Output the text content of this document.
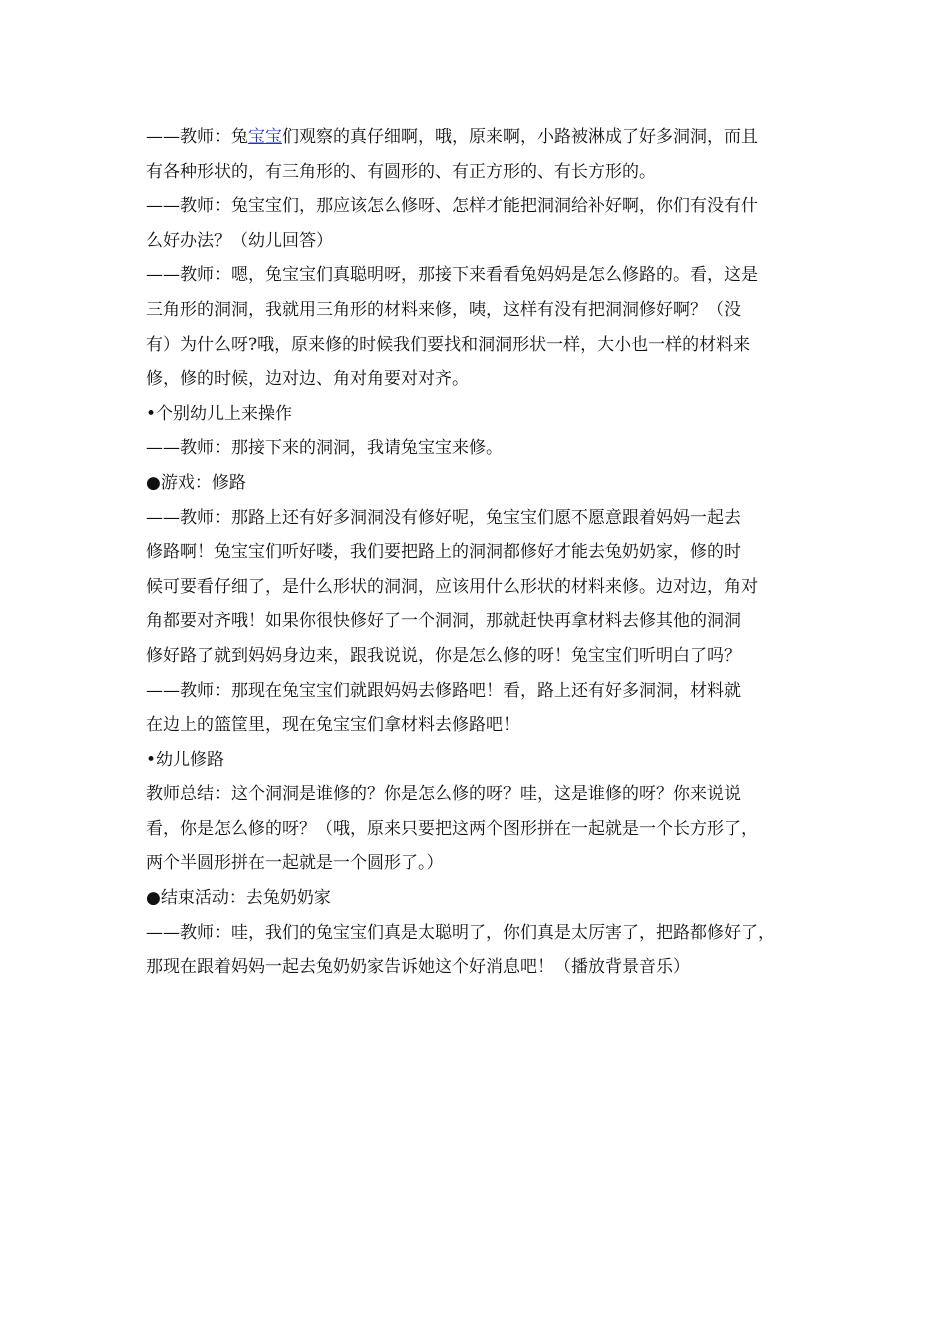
——教师：兔宝宝们观察的真仔细啊，哦，原来啊，小路被淋成了好多洞洞，而且
有各种形状的，有三角形的、有圆形的、有正方形的、有长方形的。
——教师：兔宝宝们，那应该怎么修呀、怎样才能把洞洞给补好啊，你们有没有什
么好办法？（幼儿回答）
——教师：嗯，兔宝宝们真聪明呀，那接下来看看兔妈妈是怎么修路的。看，这是
三角形的洞洞，我就用三角形的材料来修，咦，这样有没有把洞洞修好啊？（没
有）为什么呀?哦，原来修的时候我们要找和洞洞形状一样，大小也一样的材料来
修，修的时候，边对边、角对角要对对齐。
•个别幼儿上来操作
——教师：那接下来的洞洞，我请兔宝宝来修。
●游戏：修路
——教师：那路上还有好多洞洞没有修好呢，兔宝宝们愿不愿意跟着妈妈一起去
修路啊！兔宝宝们听好喽，我们要把路上的洞洞都修好才能去兔奶奶家，修的时
候可要看仔细了，是什么形状的洞洞，应该用什么形状的材料来修。边对边，角对
角都要对齐哦！如果你很快修好了一个洞洞，那就赶快再拿材料去修其他的洞洞
修好路了就到妈妈身边来，跟我说说，你是怎么修的呀！兔宝宝们听明白了吗？
——教师：那现在兔宝宝们就跟妈妈去修路吧！看，路上还有好多洞洞，材料就
在边上的篮筐里，现在兔宝宝们拿材料去修路吧！
•幼儿修路
教师总结：这个洞洞是谁修的？你是怎么修的呀？哇，这是谁修的呀？你来说说
看，你是怎么修的呀？（哦，原来只要把这两个图形拼在一起就是一个长方形了，
两个半圆形拼在一起就是一个圆形了。）
●结束活动：去兔奶奶家
——教师：哇，我们的兔宝宝们真是太聪明了，你们真是太厉害了，把路都修好了，
那现在跟着妈妈一起去兔奶奶家告诉她这个好消息吧！（播放背景音乐）
